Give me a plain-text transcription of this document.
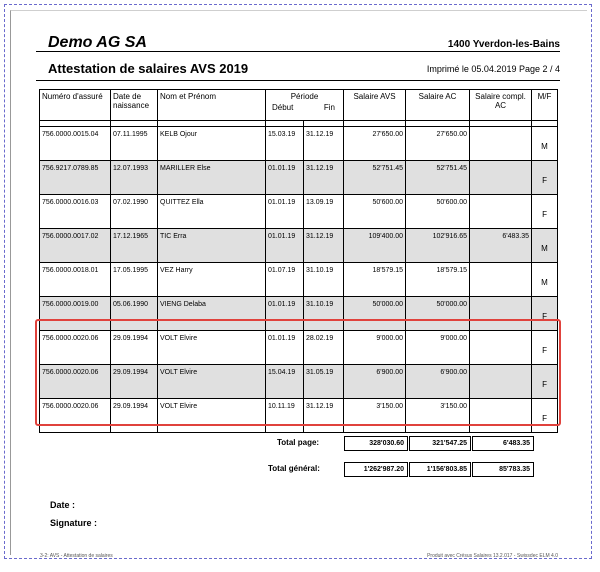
Demo AG SA	1400 Yverdon-les-Bains
Attestation de salaires AVS 2019	Imprimé le 05.04.2019 Page 2 / 4
Numéro d'assuré	Date de naissance	Nom et Prénom	Période
Début Fin		Salaire AVS	Salaire AC	Salaire compl. AC	M/F

756.0000.0015.04	07.11.1995	KELB Ojour	15.03.19	31.12.19	27'650.00	27'650.00		M
756.9217.0789.85	12.07.1993	MARILLER Else	01.01.19	31.12.19	52'751.45	52'751.45		F
756.0000.0016.03	07.02.1990	QUITTEZ Ella	01.01.19	13.09.19	50'600.00	50'600.00		F
756.0000.0017.02	17.12.1965	TIC Erra	01.01.19	31.12.19	109'400.00	102'916.65	6'483.35	M
756.0000.0018.01	17.05.1995	VEZ Harry	01.07.19	31.10.19	18'579.15	18'579.15		M
756.0000.0019.00	05.06.1990	VIENG Delaba	01.01.19	31.10.19	50'000.00	50'000.00		F
756.0000.0020.06	29.09.1994	VOLT Elvire	01.01.19	28.02.19	9'000.00	9'000.00		F
756.0000.0020.06	29.09.1994	VOLT Elvire	15.04.19	31.05.19	6'900.00	6'900.00		F
756.0000.0020.06	29.09.1994	VOLT Elvire	10.11.19	31.12.19	3'150.00	3'150.00		F
Total page:	328'030.60	321'547.25	6'483.35
Total général:	1'262'987.20	1'156'803.85	85'783.35
Date :
Signature :
3-2: AVS - Attestation de salaires	Produit avec Crésus Salaires 13.2.017 - Swissdec ELM 4.0
